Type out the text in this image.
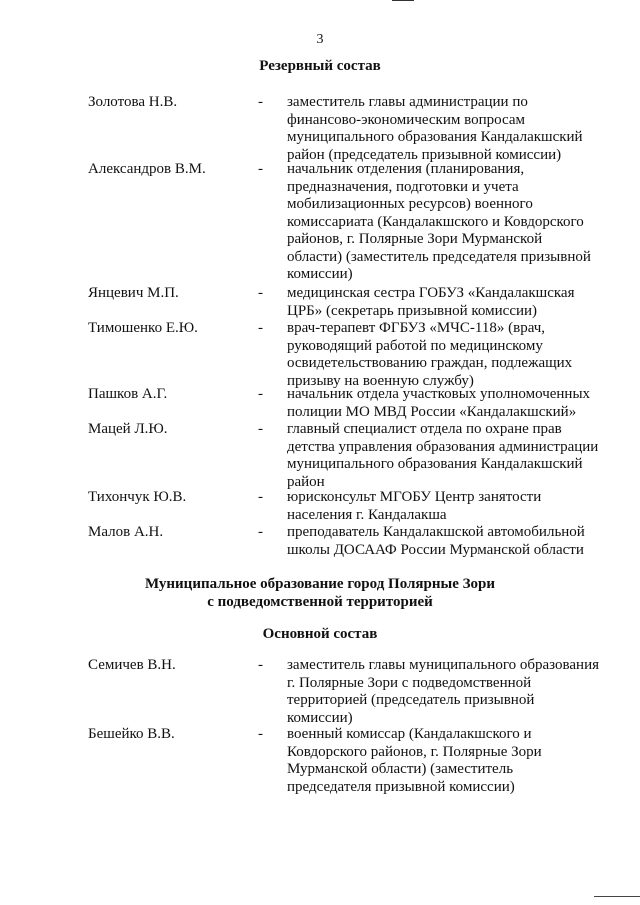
3
Резервный состав
Золотова Н.В.	- заместитель главы администрации по
финансово-экономическим вопросам
муниципального образования Кандалакшский
район (председатель призывной комиссии)
Александров В.М.	- начальник отделения (планирования,
предназначения, подготовки и учета
мобилизационных ресурсов) военного
комиссариата (Кандалакшского и Ковдорского
районов, г. Полярные Зори Мурманской
области) (заместитель председателя призывной
комиссии)
Янцевич М.П.	- медицинская сестра ГОБУЗ «Кандалакшская
ЦРБ» (секретарь призывной комиссии)
Тимошенко Е.Ю.	- врач-терапевт ФГБУЗ «МЧС-118» (врач,
руководящий работой по медицинскому
освидетельствованию граждан, подлежащих
призыву на военную службу)
Пашков А.Г.	- начальник отдела участковых уполномоченных
полиции МО МВД России «Кандалакшский»
Мацей Л.Ю.	- главный специалист отдела по охране прав
детства управления образования администрации
муниципального образования Кандалакшский
район
Тихончук Ю.В.	- юрисконсульт МГОБУ Центр занятости
населения г. Кандалакша
Малов А.Н.	- преподаватель Кандалакшской автомобильной
школы ДОСААФ России Мурманской области
Муниципальное образование город Полярные Зори
с подведомственной территорией
Основной состав
Семичев В.Н.	- заместитель главы муниципального образования
г. Полярные Зори с подведомственной
территорией (председатель призывной
комиссии)
Бешейко В.В.	- военный комиссар (Кандалакшского и
Ковдорского районов, г. Полярные Зори
Мурманской области) (заместитель
председателя призывной комиссии)
